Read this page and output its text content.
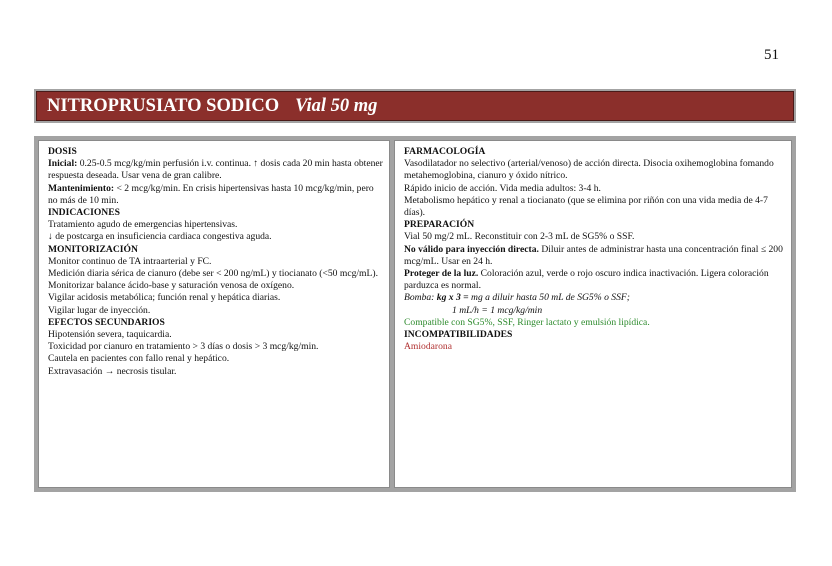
51
NITROPRUSIATO SODICO Vial 50 mg

DOSIS

Inicial: 0.25-0.5 mcg/kg/min perfusión i.v. continua. ↑ dosis cada 20 min hasta obtener respuesta deseada. Usar vena de gran calibre.

Mantenimiento: < 2 mcg/kg/min. En crisis hipertensivas hasta 10 mcg/kg/min, pero no más de 10 min.

INDICACIONES

Tratamiento agudo de emergencias hipertensivas.

↓ de postcarga en insuficiencia cardiaca congestiva aguda.

MONITORIZACIÓN

Monitor continuo de TA intraarterial y FC.

Medición diaria sérica de cianuro (debe ser < 200 ng/mL) y tiocianato (<50 mcg/mL). Monitorizar balance ácido-base y saturación venosa de oxígeno.

Vigilar acidosis metabólica; función renal y hepática diarias.

Vigilar lugar de inyección.

EFECTOS SECUNDARIOS

Hipotensión severa, taquicardia.

Toxicidad por cianuro en tratamiento > 3 días o dosis > 3 mcg/kg/min.

Cautela en pacientes con fallo renal y hepático.

Extravasación → necrosis tisular.

FARMACOLOGÍA

Vasodilatador no selectivo (arterial/venoso) de acción directa. Disocia oxihemoglobina fomando metahemoglobina, cianuro y óxido nítrico.

Rápido inicio de acción. Vida media adultos: 3-4 h.

Metabolismo hepático y renal a tiocianato (que se elimina por riñón con una vida media de 4-7 días).

PREPARACIÓN

Vial 50 mg/2 mL. Reconstituir con 2-3 mL de SG5% o SSF.

No válido para inyección directa. Diluir antes de administrar hasta una concentración final ≤ 200 mcg/mL. Usar en 24 h.

Proteger de la luz. Coloración azul, verde o rojo oscuro indica inactivación. Ligera coloración parduzca es normal.

Bomba: kg x 3 = mg a diluir hasta 50 mL de SG5% o SSF;

1 mL/h = 1 mcg/kg/min

Compatible con SG5%, SSF, Ringer lactato y emulsión lipídica.

INCOMPATIBILIDADES

Amiodarona
